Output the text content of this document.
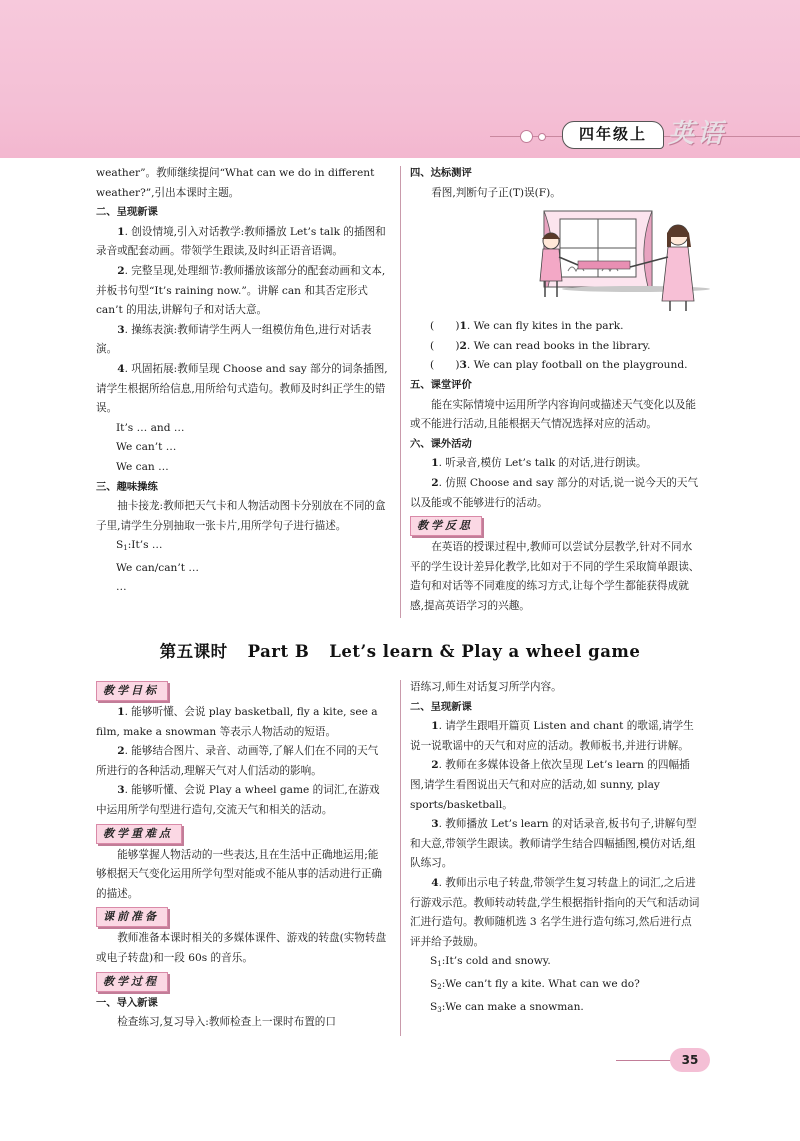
四年级上 英语

weather”。教师继续提问“What can we do in different

weather?”,引出本课时主题。

二、呈现新课

1. 创设情境,引入对话教学:教师播放 Let’s talk 的插图和录音或配套动画。带领学生跟读,及时纠正语音语调。

2. 完整呈现,处理细节:教师播放该部分的配套动画和文本,并板书句型“It’s raining now.”。讲解 can 和其否定形式 can’t 的用法,讲解句子和对话大意。

3. 操练表演:教师请学生两人一组模仿角色,进行对话表演。

4. 巩固拓展:教师呈现 Choose and say 部分的词条插图,请学生根据所给信息,用所给句式造句。教师及时纠正学生的错误。

It’s … and …

We can’t …

We can …

三、趣味操练

抽卡接龙:教师把天气卡和人物活动图卡分别放在不同的盒子里,请学生分别抽取一张卡片,用所学句子进行描述。

$S_1:It’s$ …

We can/can’t …

…

四、达标测评

看图,判断句子正(T)误(F)。

(　　)1. We can fly kites in the park.

(　　)2. We can read books in the library.

(　　)3. We can play football on the playground.

五、课堂评价

能在实际情境中运用所学内容询问或描述天气变化以及能或不能进行活动,且能根据天气情况选择对应的活动。

六、课外活动

1. 听录音,模仿 Let’s talk 的对话,进行朗读。

2. 仿照 Choose and say 部分的对话,说一说今天的天气以及能或不能够进行的活动。

教学反思

在英语的授课过程中,教师可以尝试分层教学,针对不同水平的学生设计差异化教学,比如对于不同的学生采取简单跟读、造句和对话等不同难度的练习方式,让每个学生都能获得成就感,提高英语学习的兴趣。

第五课时 Part B Let’s learn & Play a wheel game
教学目标

1. 能够听懂、会说 play basketball, fly a kite, see a film, make a snowman 等表示人物活动的短语。

2. 能够结合图片、录音、动画等,了解人们在不同的天气所进行的各种活动,理解天气对人们活动的影响。

3. 能够听懂、会说 Play a wheel game 的词汇,在游戏中运用所学句型进行造句,交流天气和相关的活动。

教学重难点

能够掌握人物活动的一些表达,且在生活中正确地运用;能够根据天气变化运用所学句型对能或不能从事的活动进行正确的描述。

课前准备

教师准备本课时相关的多媒体课件、游戏的转盘(实物转盘或电子转盘)和一段 60s 的音乐。

教学过程

一、导入新课

检查练习,复习导入:教师检查上一课时布置的口

语练习,师生对话复习所学内容。

二、呈现新课

1. 请学生跟唱开篇页 Listen and chant 的歌谣,请学生说一说歌谣中的天气和对应的活动。教师板书,并进行讲解。

2. 教师在多媒体设备上依次呈现 Let’s learn 的四幅插图,请学生看图说出天气和对应的活动,如 sunny, play sports/basketball。

3. 教师播放 Let’s learn 的对话录音,板书句子,讲解句型和大意,带领学生跟读。教师请学生结合四幅插图,模仿对话,组队练习。

4. 教师出示电子转盘,带领学生复习转盘上的词汇,之后进行游戏示范。教师转动转盘,学生根据指针指向的天气和活动词汇进行造句。教师随机选 3 名学生进行造句练习,然后进行点评并给予鼓励。

$S_1:It’s$ cold and snowy.

$S_2:We$ can’t fly a kite. What can we do?

$S_3:We$ can make a snowman.

35
